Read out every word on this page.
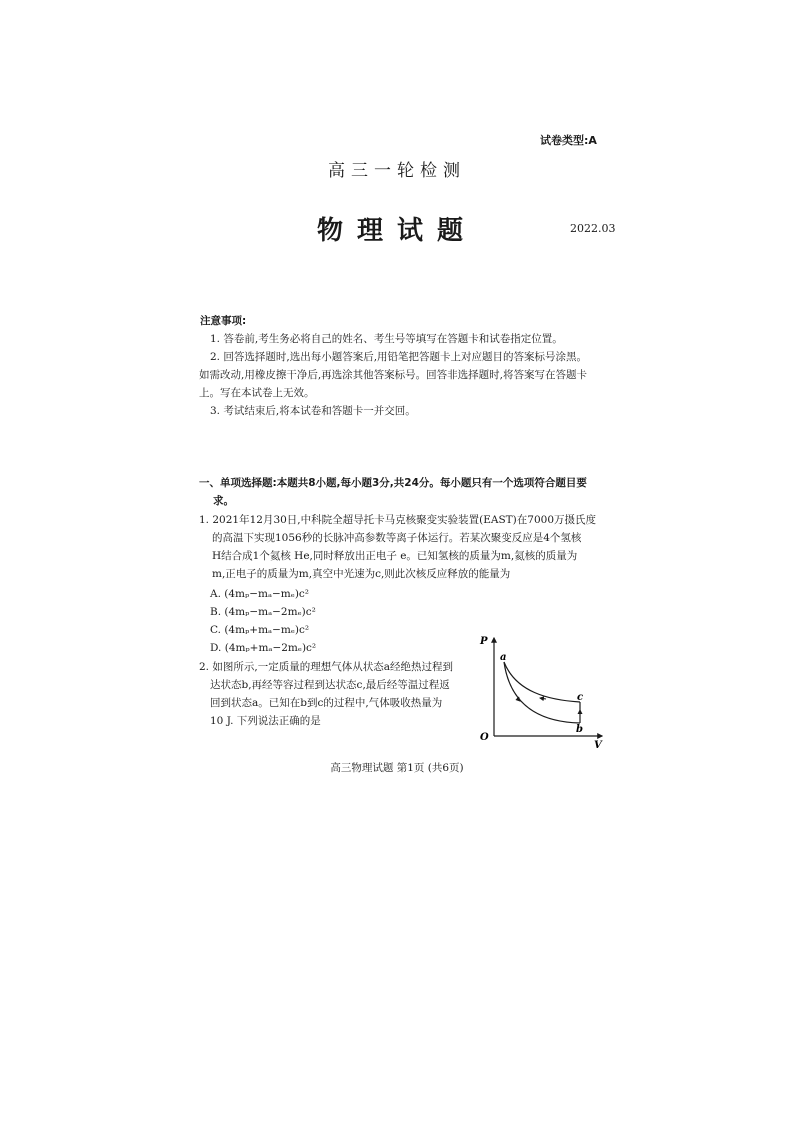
试卷类型:A
高三一轮检测
物理试题	2022.03
注意事项:
1. 答卷前,考生务必将自己的姓名、考生号等填写在答题卡和试卷指定位置。
2. 回答选择题时,选出每小题答案后,用铅笔把答题卡上对应题目的答案标号涂黑。
如需改动,用橡皮擦干净后,再选涂其他答案标号。回答非选择题时,将答案写在答题卡
上。写在本试卷上无效。
3. 考试结束后,将本试卷和答题卡一并交回。
一、单项选择题:本题共8小题,每小题3分,共24分。每小题只有一个选项符合题目要
求。
1. 2021年12月30日,中科院全超导托卡马克核聚变实验装置(EAST)在7000万摄氏度
的高温下实现1056秒的长脉冲高参数等离子体运行。若某次聚变反应是4个氢核
H结合成1个氦核 He,同时释放出正电子 e。已知氢核的质量为m,氦核的质量为
m,正电子的质量为m,真空中光速为c,则此次核反应释放的能量为
A. (4mₚ−mₐ−mₑ)c²
B. (4mₚ−mₐ−2mₑ)c²
C. (4mₚ+mₐ−mₑ)c²
D. (4mₚ+mₐ−2mₑ)c²
2. 如图所示,一定质量的理想气体从状态a经绝热过程到
达状态b,再经等容过程到达状态c,最后经等温过程返
回到状态a。已知在b到c的过程中,气体吸收热量为
10 J. 下列说法正确的是
P
V
O
a
b
c
高三物理试题 第1页 (共6页)
